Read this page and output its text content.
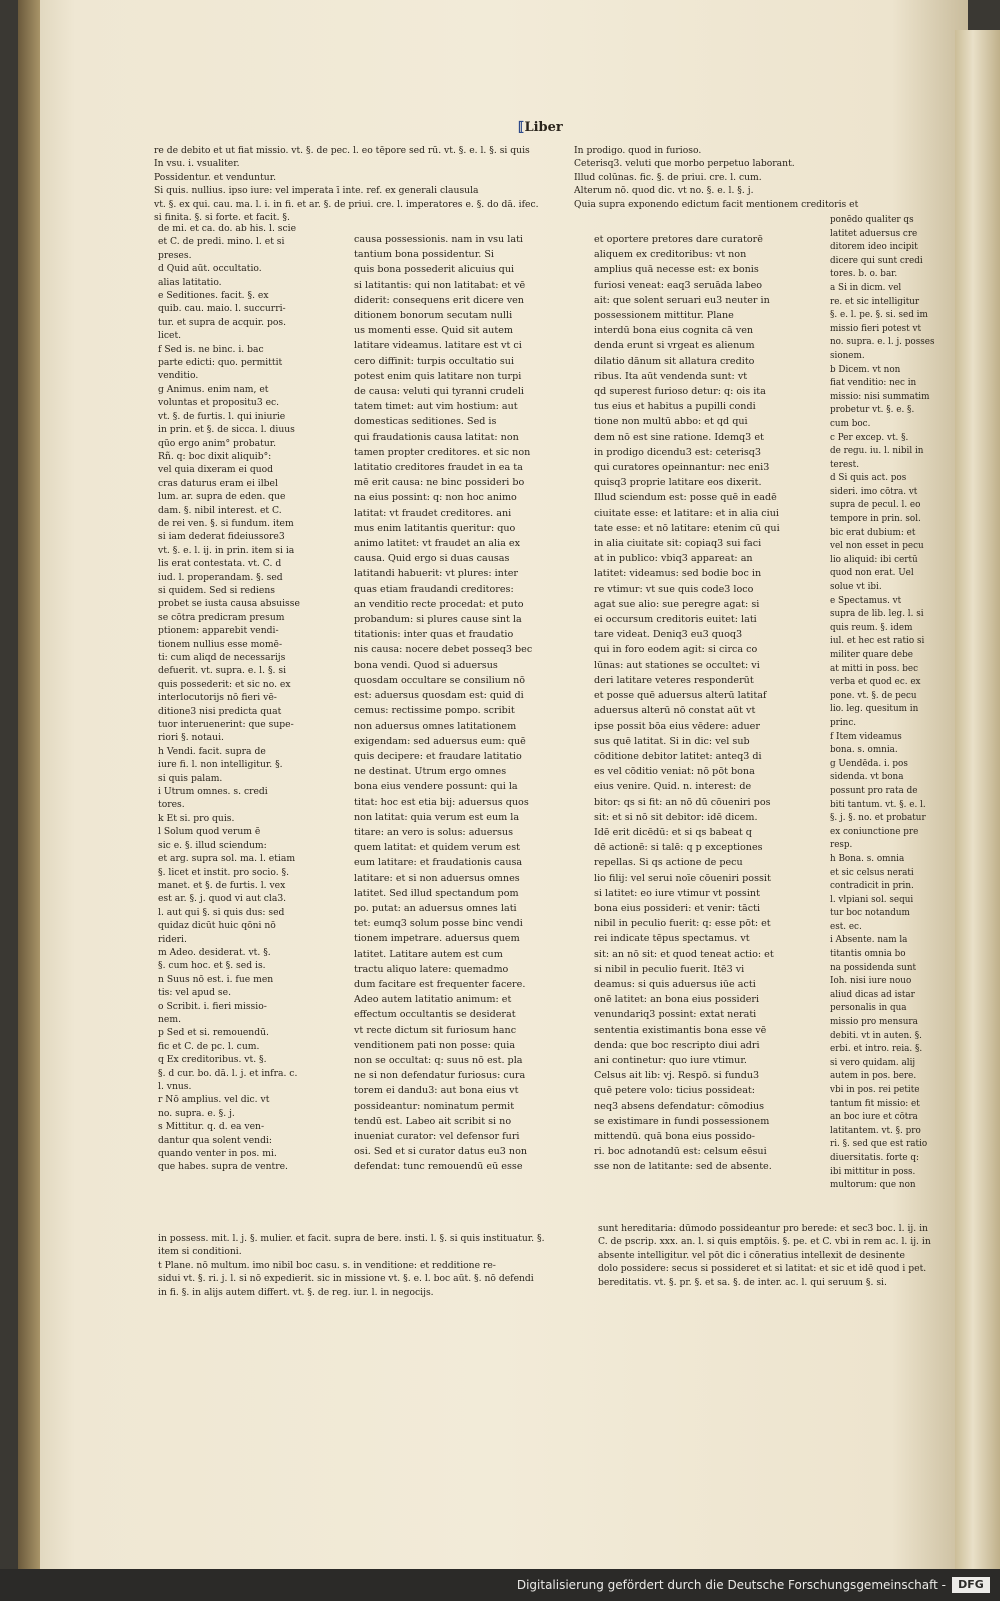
⟦Liber
re de debito et ut fiat missio. vt. §. de pec. l. eo tēpore sed rū. vt. §. e. l. §. si quis
In vsu. i. vsualiter.
Possidentur. et venduntur.
Si quis. nullius. ipso iure: vel imperata ī inte. ref. ex generali clausula
vt. §. ex qui. cau. ma. l. i. in fi. et ar. §. de priui. cre. l. imperatores e. §. do dā. ifec.
si finita. §. si forte. et facit. §.
In prodigo. quod in furioso.
Ceterisq3. veluti que morbo perpetuo laborant.
Illud colūnas. fic. §. de priui. cre. l. cum.
Alterum nō. quod dic. vt no. §. e. l. §. j.
Quia supra exponendo edictum facit mentionem creditoris et
de mi. et ca. do. ab his. l. scie
et C. de predi. mino. l. et si
preses.
d Quid aūt. occultatio.
alias latitatio.
e Seditiones. facit. §. ex
quib. cau. maio. l. succurri-
tur. et supra de acquir. pos.
licet.
f Sed is. ne binc. i. bac
parte edicti: quo. permittit
venditio.
g Animus. enim nam, et
voluntas et propositu3 ec.
vt. §. de furtis. l. qui iniurie
in prin. et §. de sicca. l. diuus
qūo ergo anim° probatur.
Rñ. q: boc dixit aliquib°:
vel quia dixeram ei quod
cras daturus eram ei ilbel
lum. ar. supra de eden. que
dam. §. nibil interest. et C.
de rei ven. §. si fundum. item
si iam dederat fideiussore3
vt. §. e. l. ij. in prin. item si ia
lis erat contestata. vt. C. d
iud. l. properandam. §. sed
si quidem. Sed si rediens
probet se iusta causa absuisse
se cōtra predicram presum
ptionem: apparebit vendi-
tionem nullius esse momē-
ti: cum aliqd de necessarijs
defuerit. vt. supra. e. l. §. si
quis possederit: et sic no. ex
interlocutorijs nō fieri vē-
ditione3 nisi predicta quat
tuor interuenerint: que supe-
riori §. notaui.
h Vendi. facit. supra de
iure fi. l. non intelligitur. §.
si quis palam.
i Utrum omnes. s. credi
tores.
k Et si. pro quis.
l Solum quod verum ē
sic e. §. illud sciendum:
et arg. supra sol. ma. l. etiam
§. licet et instit. pro socio. §.
manet. et §. de furtis. l. vex
est ar. §. j. quod vi aut cla3.
l. aut qui §. si quis dus: sed
quidaz dicūt huic qōni nō
rideri.
m Adeo. desiderat. vt. §.
§. cum hoc. et §. sed is.
n Suus nō est. i. fue men
tis: vel apud se.
o Scribit. i. fieri missio-
nem.
p Sed et si. remouendū.
fic et C. de pc. l. cum.
q Ex creditoribus. vt. §.
§. d cur. bo. dā. l. j. et infra. c.
l. vnus.
r Nō amplius. vel dic. vt
no. supra. e. §. j.
s Mittitur. q. d. ea ven-
dantur qua solent vendi:
quando venter in pos. mi.
que habes. supra de ventre.
causa possessionis. nam in vsu lati
tantium bona possidentur. Si
quis bona possederit alicuius qui
si latitantis: qui non latitabat: et vē
diderit: consequens erit dicere ven
ditionem bonorum secutam nulli
us momenti esse. Quid sit autem
latitare videamus. latitare est vt ci
cero diffinit: turpis occultatio sui
potest enim quis latitare non turpi
de causa: veluti qui tyranni crudeli
tatem timet: aut vim hostium: aut
domesticas seditiones. Sed is
qui fraudationis causa latitat: non
tamen propter creditores. et sic non
latitatio creditores fraudet in ea ta
mē erit causa: ne binc possideri bo
na eius possint: q: non hoc animo
latitat: vt fraudet creditores. ani
mus enim latitantis queritur: quo
animo latitet: vt fraudet an alia ex
causa. Quid ergo si duas causas
latitandi habuerit: vt plures: inter
quas etiam fraudandi creditores:
an venditio recte procedat: et puto
probandum: si plures cause sint la
titationis: inter quas et fraudatio
nis causa: nocere debet posseq3 bec
bona vendi. Quod si aduersus
quosdam occultare se consilium nō
est: aduersus quosdam est: quid di
cemus: rectissime pompo. scribit
non aduersus omnes latitationem
exigendam: sed aduersus eum: quē
quis decipere: et fraudare latitatio
ne destinat. Utrum ergo omnes
bona eius vendere possunt: qui la
titat: hoc est etia bij: aduersus quos
non latitat: quia verum est eum la
titare: an vero is solus: aduersus
quem latitat: et quidem verum est
eum latitare: et fraudationis causa
latitare: et si non aduersus omnes
latitet. Sed illud spectandum pom
po. putat: an aduersus omnes lati
tet: eumq3 solum posse binc vendi
tionem impetrare. aduersus quem
latitet. Latitare autem est cum
tractu aliquo latere: quemadmo
dum facitare est frequenter facere.
Adeo autem latitatio animum: et
effectum occultantis se desiderat
vt recte dictum sit furiosum hanc
venditionem pati non posse: quia
non se occultat: q: suus nō est. pla
ne si non defendatur furiosus: cura
torem ei dandu3: aut bona eius vt
possideantur: nominatum permit
tendū est. Labeo ait scribit si no
inueniat curator: vel defensor furi
osi. Sed et si curator datus eu3 non
defendat: tunc remouendū eū esse
et oportere pretores dare curatorē
aliquem ex creditoribus: vt non
amplius quā necesse est: ex bonis
furiosi veneat: eaq3 seruāda labeo
ait: que solent seruari eu3 neuter in
possessionem mittitur. Plane
interdū bona eius cognita cā ven
denda erunt si vrgeat es alienum
dilatio dānum sit allatura credito
ribus. Ita aūt vendenda sunt: vt
qd superest furioso detur: q: ois ita
tus eius et habitus a pupilli condi
tione non multū abbo: et qd qui
dem nō est sine ratione. Idemq3 et
in prodigo dicendu3 est: ceterisq3
qui curatores opeinnantur: nec eni3
quisq3 proprie latitare eos dixerit.
Illud sciendum est: posse quē in eadē
ciuitate esse: et latitare: et in alia ciui
tate esse: et nō latitare: etenim cū qui
in alia ciuitate sit: copiaq3 sui faci
at in publico: vbiq3 appareat: an
latitet: videamus: sed bodie boc in
re vtimur: vt sue quis code3 loco
agat sue alio: sue peregre agat: si
ei occursum creditoris euitet: lati
tare videat. Deniq3 eu3 quoq3
qui in foro eodem agit: si circa co
lūnas: aut stationes se occultet: vi
deri latitare veteres responderūt
et posse quē aduersus alterū latitaf
aduersus alterū nō constat aūt vt
ipse possit bōa eius vēdere: aduer
sus quē latitat. Si in dic: vel sub
cōditione debitor latitet: anteq3 di
es vel cōditio veniat: nō pōt bona
eius venire. Quid. n. interest: de
bitor: qs si fit: an nō dū cōueniri pos
sit: et si nō sit debitor: idē dicem.
Idē erit dicēdū: et si qs babeat q
dē actionē: si talē: q p exceptiones
repellas. Si qs actione de pecu
lio filij: vel serui noīe cōueniri possit
si latitet: eo iure vtimur vt possint
bona eius possideri: et venir: tācti
nibil in peculio fuerit: q: esse pōt: et
rei indicate tēpus spectamus. vt
sit: an nō sit: et quod teneat actio: et
si nibil in peculio fuerit. Itē3 vi
deamus: si quis aduersus iūe acti
onē latitet: an bona eius possideri
venundariq3 possint: extat nerati
sententia existimantis bona esse vē
denda: que boc rescripto diui adri
ani continetur: quo iure vtimur.
Celsus ait lib: vj. Respō. si fundu3
quē petere volo: ticius possideat:
neq3 absens defendatur: cōmodius
se existimare in fundi possessionem
mittendū. quā bona eius possido-
ri. boc adnotandū est: celsum eēsui
sse non de latitante: sed de absente.
ponēdo qualiter qs
latitet aduersus cre
ditorem ideo incipit
dicere qui sunt credi
tores. b. o. bar.
a Si in dicm. vel
re. et sic intelligitur
§. e. l. pe. §. si. sed im
missio fieri potest vt
no. supra. e. l. j. posses
sionem.
b Dicem. vt non
fiat venditio: nec in
missio: nisi summatim
probetur vt. §. e. §.
cum boc.
c Per excep. vt. §.
de regu. iu. l. nibil in
terest.
d Si quis act. pos
sideri. imo cōtra. vt
supra de pecul. l. eo
tempore in prin. sol.
bic erat dubium: et
vel non esset in pecu
lio aliquid: ibi certū
quod non erat. Uel
solue vt ibi.
e Spectamus. vt
supra de lib. leg. l. si
quis reum. §. idem
iul. et hec est ratio si
militer quare debe
at mitti in poss. bec
verba et quod ec. ex
pone. vt. §. de pecu
lio. leg. quesitum in
princ.
f Item videamus
bona. s. omnia.
g Uendēda. i. pos
sidenda. vt bona
possunt pro rata de
biti tantum. vt. §. e. l.
§. j. §. no. et probatur
ex coniunctione pre
resp.
h Bona. s. omnia
et sic celsus nerati
contradicit in prin.
l. vlpiani sol. sequi
tur boc notandum
est. ec.
i Absente. nam la
titantis omnia bo
na possidenda sunt
Ioh. nisi iure nouo
aliud dicas ad istar
personalis in qua
missio pro mensura
debiti. vt in auten. §.
erbi. et intro. reia. §.
si vero quidam. alij
autem in pos. bere.
vbi in pos. rei petite
tantum fit missio: et
an boc iure et cōtra
latitantem. vt. §. pro
ri. §. sed que est ratio
diuersitatis. forte q:
ibi mittitur in poss.
multorum: que non
in possess. mit. l. j. §. mulier. et facit. supra de bere. insti. l. §. si quis instituatur. §.
item si conditioni.
t Plane. nō multum. imo nibil boc casu. s. in venditione: et redditione re-
sidui vt. §. ri. j. l. si nō expedierit. sic in missione vt. §. e. l. boc aūt. §. nō defendi
in fi. §. in alijs autem differt. vt. §. de reg. iur. l. in negocijs.
sunt hereditaria: dūmodo possideantur pro berede: et sec3 boc. l. ij. in
C. de pscrip. xxx. an. l. si quis emptōis. §. pe. et C. vbi in rem ac. l. ij. in
absente intelligitur. vel pōt dic i cōneratius intellexit de desinente
dolo possidere: secus si possideret et si latitat: et sic et idē quod i pet.
bereditatis. vt. §. pr. §. et sa. §. de inter. ac. l. qui seruum §. si.
Digitalisierung gefördert durch die Deutsche Forschungsgemeinschaft -	DFG
